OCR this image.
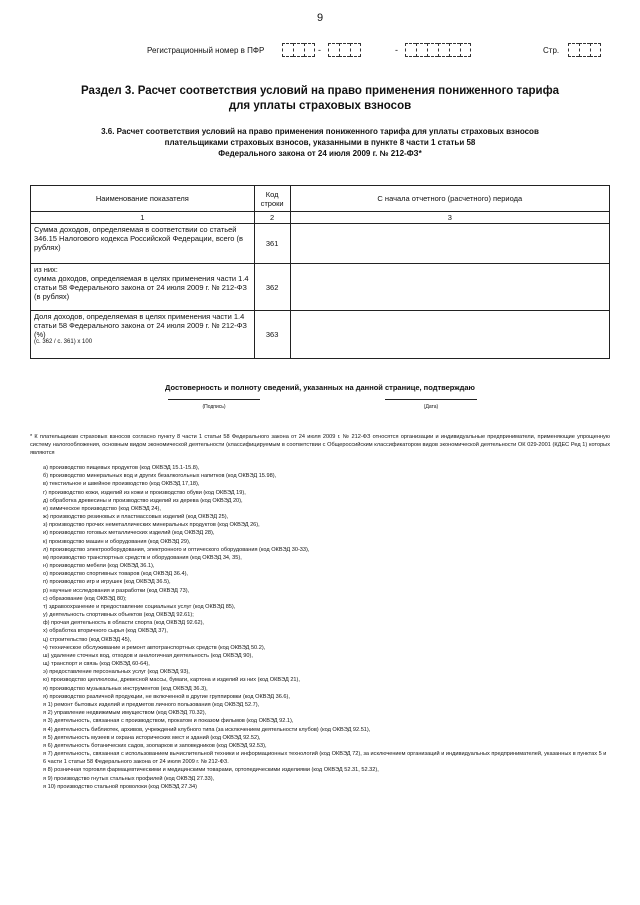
9
Регистрационный номер в ПФР	-	-	Стр.
Раздел 3. Расчет соответствия условий на право применения пониженного тарифа
для уплаты страховых взносов
3.6. Расчет соответствия условий на право применения пониженного тарифа для уплаты страховых взносов
плательщиками страховых взносов, указанными в пункте 8 части 1 статьи 58
Федерального закона от 24 июля 2009 г. № 212-ФЗ*
Наименование показателя	Код строки	С начала отчетного (расчетного) периода
1	2	3
Сумма доходов, определяемая в соответствии со статьей 346.15 Налогового кодекса Российской Федерации, всего (в рублях)	361	

из них:
сумма доходов, определяемая в целях применения части 1.4 статьи 58 Федерального закона от 24 июля 2009 г. № 212-ФЗ (в рублях)	362	

Доля доходов, определяемая в целях применения части 1.4 статьи 58 Федерального закона от 24 июля 2009 г. № 212-ФЗ (%)
(с. 362 / с. 361) х 100	363	
Достоверность и полноту сведений, указанных на данной странице, подтверждаю
(Подпись)	(Дата)
* К плательщикам страховых взносов согласно пункту 8 части 1 статьи 58 Федерального закона от 24 июля 2009 г. № 212-ФЗ относятся организации и индивидуальные предприниматели, применяющие упрощенную систему налогообложения, основным видом экономической деятельности (классифицируемым в соответствии с Общероссийским классификатором видов экономической деятельности ОК 029-2001 (КДЕС Ред 1) которых являются
а) производство пищевых продуктов (код ОКВЭД 15.1-15.8),
б) производство минеральных вод и других безалкогольных напитков (код ОКВЭД 15.98),
в) текстильное и швейное производство (код ОКВЭД 17,18),
г) производство кожи, изделий из кожи и производство обуви (код ОКВЭД 19),
д) обработка древесины и производство изделий из дерева (код ОКВЭД 20),
е) химическое производство (код ОКВЭД 24),
ж) производство резиновых и пластмассовых изделий (код ОКВЭД 25),
з) производство прочих неметаллических минеральных продуктов (код ОКВЭД 26),
и) производство готовых металлических изделий (код ОКВЭД 28),
к) производство машин и оборудования (код ОКВЭД 29),
л) производство электрооборудования, электронного и оптического оборудования (код ОКВЭД 30-33),
м) производство транспортных средств и оборудования (код ОКВЭД 34, 35),
н) производство мебели (код ОКВЭД 36.1),
о) производство спортивных товаров (код ОКВЭД 36.4),
п) производство игр и игрушек (код ОКВЭД 36.5),
р) научные исследования и разработки (код ОКВЭД 73),
с) образование (код ОКВЭД 80);
т) здравоохранение и предоставление социальных услуг (код ОКВЭД 85),
у) деятельность спортивных объектов (код ОКВЭД 92.61);
ф) прочая деятельность в области спорта (код ОКВЭД 92.62),
х) обработка вторичного сырья (код ОКВЭД 37),
ц) строительство (код ОКВЭД 45),
ч) техническое обслуживание и ремонт автотранспортных средств (код ОКВЭД 50.2),
ш) удаление сточных вод, отходов и аналогичная деятельность (код ОКВЭД 90),
щ) транспорт и связь (код ОКВЭД 60-64),
э) предоставление персональных услуг (код ОКВЭД 93),
ю) производство целлюлозы, древесной массы, бумаги, картона и изделий из них (код ОКВЭД 21),
я) производство музыкальных инструментов (код ОКВЭД 36.3),
я) производство различной продукции, не включенной в другие группировки (код ОКВЭД 36.6),
я 1) ремонт бытовых изделий и предметов личного пользования (код ОКВЭД 52.7),
я 2) управление недвижимым имуществом (код ОКВЭД 70.32),
я 3) деятельность, связанная с производством, прокатом и показом фильмов (код ОКВЭД 92.1),
я 4) деятельность библиотек, архивов, учреждений клубного типа (за исключением деятельности клубов) (код ОКВЭД 92.51),
я 5) деятельность музеев и охрана исторических мест и зданий (код ОКВЭД 92.52),
я 6) деятельность ботанических садов, зоопарков и заповедников (код ОКВЭД 92.53),
я 7) деятельность, связанная с использованием вычислительной техники и информационных технологий (код ОКВЭД 72), за исключением организаций и индивидуальных предпринимателей, указанных в пунктах 5 и 6 части 1 статьи 58 Федерального закона от 24 июля 2009 г. № 212-ФЗ.
я 8) розничная торговля фармацевтическими и медицинскими товарами, ортопедическими изделиями (код ОКВЭД 52.31, 52.32),
я 9) производство гнутых стальных профилей (код ОКВЭД 27.33),
я 10) производство стальной проволоки (код ОКВЭД 27.34)
